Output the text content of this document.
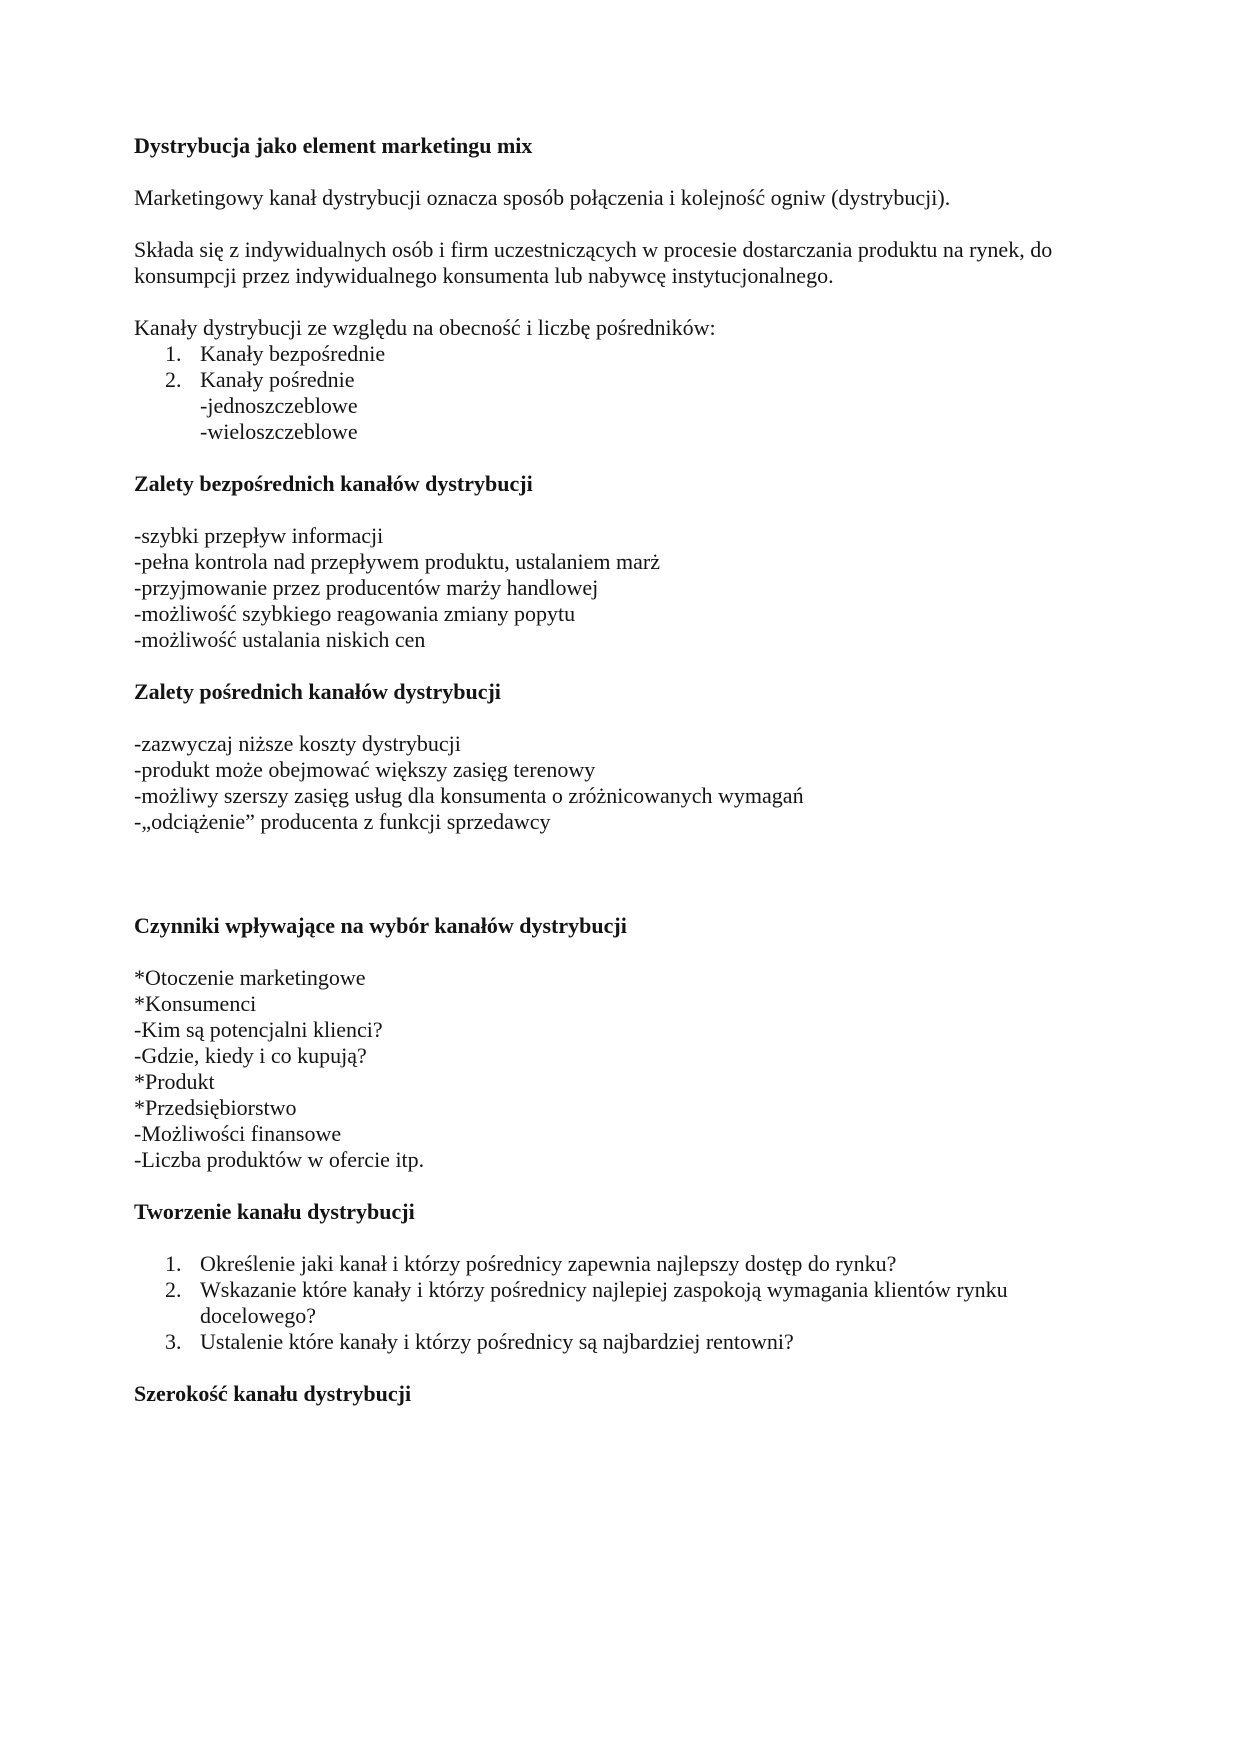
Dystrybucja jako element marketingu mix
Marketingowy kanał dystrybucji oznacza sposób połączenia i kolejność ogniw (dystrybucji).
Składa się z indywidualnych osób i firm uczestniczących w procesie dostarczania produktu na rynek, do konsumpcji przez indywidualnego konsumenta lub nabywcę instytucjonalnego.
Kanały dystrybucji ze względu na obecność i liczbę pośredników:
1. Kanały bezpośrednie
2. Kanały pośrednie
-jednoszczeblowe
-wieloszczeblowe
Zalety bezpośrednich kanałów dystrybucji
-szybki przepływ informacji
-pełna kontrola nad przepływem produktu, ustalaniem marż
-przyjmowanie przez producentów marży handlowej
-możliwość szybkiego reagowania zmiany popytu
-możliwość ustalania niskich cen
Zalety pośrednich kanałów dystrybucji
-zazwyczaj niższe koszty dystrybucji
-produkt może obejmować większy zasięg terenowy
-możliwy szerszy zasięg usług dla konsumenta o zróżnicowanych wymagań
-„odciążenie” producenta z funkcji sprzedawcy
Czynniki wpływające na wybór kanałów dystrybucji
*Otoczenie marketingowe
*Konsumenci
-Kim są potencjalni klienci?
-Gdzie, kiedy i co kupują?
*Produkt
*Przedsiębiorstwo
-Możliwości finansowe
-Liczba produktów w ofercie itp.
Tworzenie kanału dystrybucji
1. Określenie jaki kanał i którzy pośrednicy zapewnia najlepszy dostęp do rynku?
2. Wskazanie które kanały i którzy pośrednicy najlepiej zaspokoją wymagania klientów rynku docelowego?
3. Ustalenie które kanały i którzy pośrednicy są najbardziej rentowni?
Szerokość kanału dystrybucji
